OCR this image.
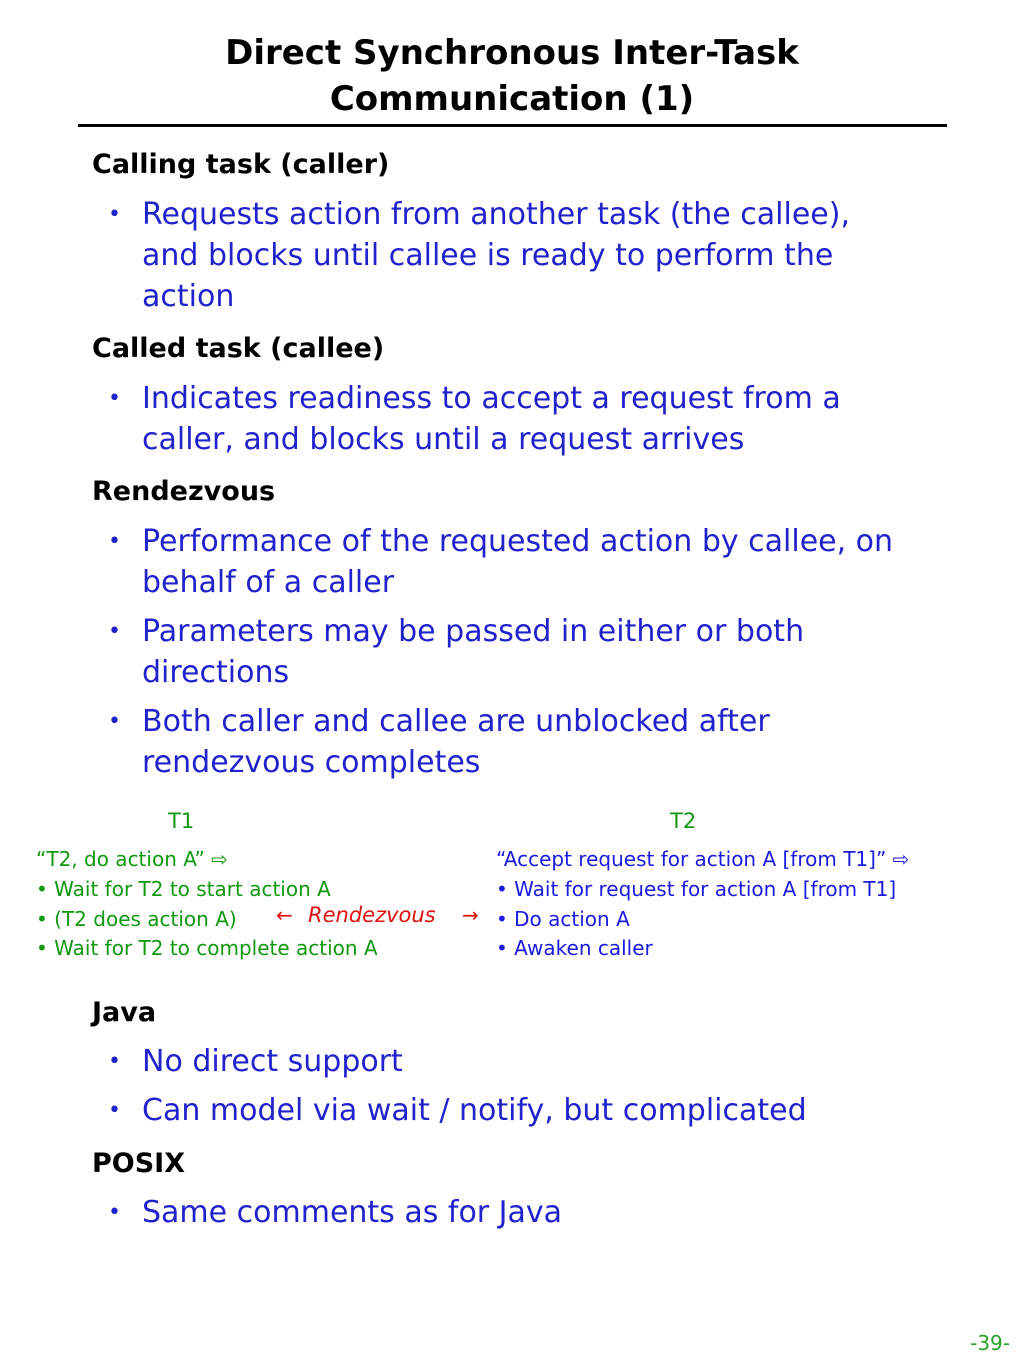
Direct Synchronous Inter-Task
Communication (1)
Calling task (caller)
• Requests action from another task (the callee), and blocks until callee is ready to perform the action
Called task (callee)
• Indicates readiness to accept a request from a caller, and blocks until a request arrives
Rendezvous
• Performance of the requested action by callee, on behalf of a caller
• Parameters may be passed in either or both directions
• Both caller and callee are unblocked after rendezvous completes
T1	T2
“T2, do action A” ⇨
• Wait for T2 to start action A
• (T2 does action A)
• Wait for T2 to complete action A
“Accept request for action A [from T1]” ⇨
• Wait for request for action A [from T1]
• Do action A
• Awaken caller
← Rendezvous →
Java
• No direct support
• Can model via wait / notify, but complicated
POSIX
• Same comments as for Java
-39-
